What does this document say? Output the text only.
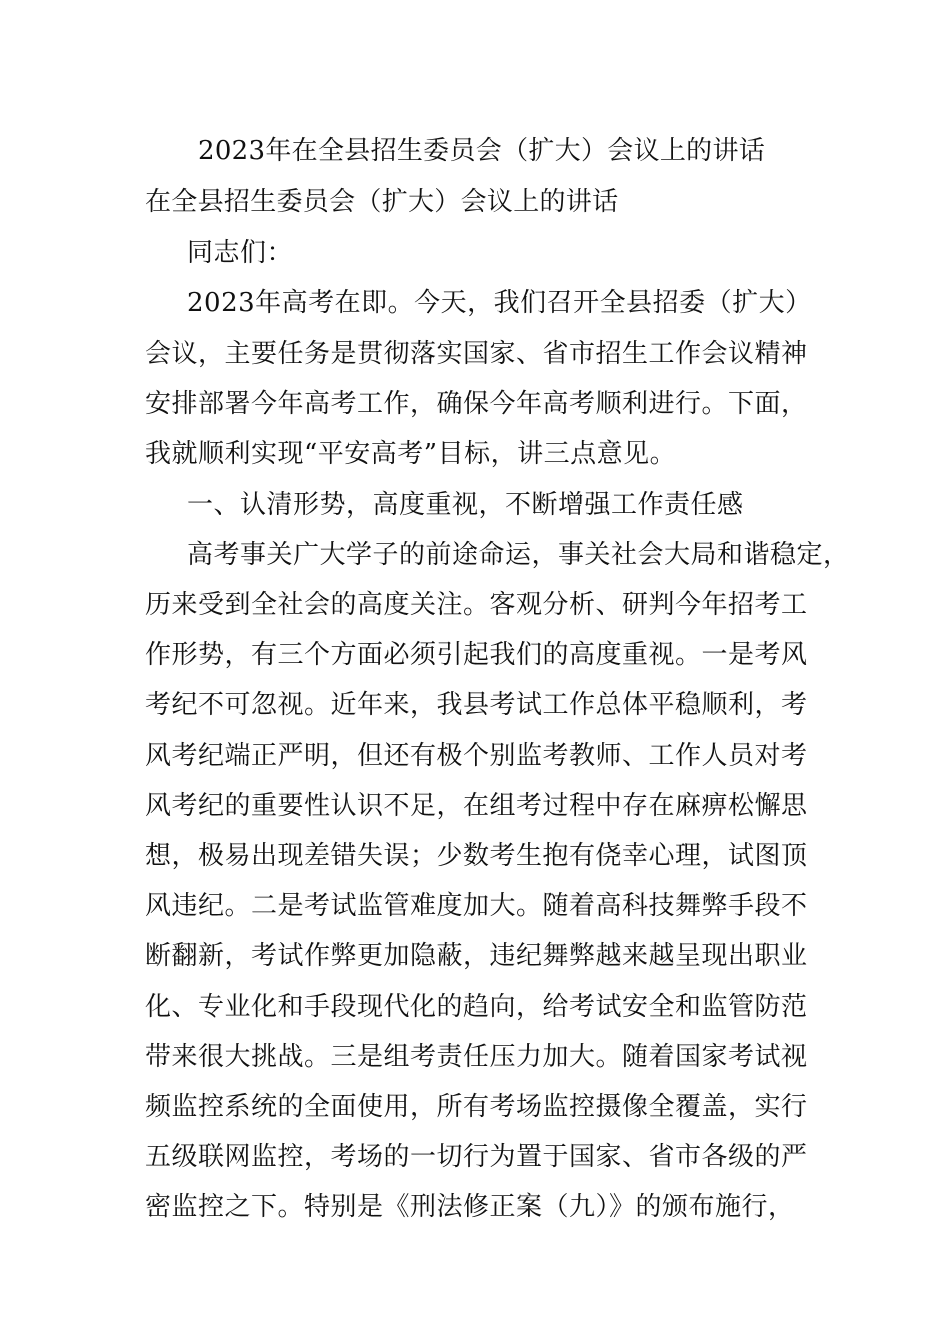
2023年在全县招生委员会（扩大）会议上的讲话
在全县招生委员会（扩大）会议上的讲话
同志们：
2023年高考在即。今天，我们召开全县招委（扩大）
会议，主要任务是贯彻落实国家、省市招生工作会议精神
安排部署今年高考工作，确保今年高考顺利进行。下面，
我就顺利实现“平安高考”目标，讲三点意见。
一、认清形势，高度重视，不断增强工作责任感
高考事关广大学子的前途命运，事关社会大局和谐稳定，
历来受到全社会的高度关注。客观分析、研判今年招考工
作形势，有三个方面必须引起我们的高度重视。一是考风
考纪不可忽视。近年来，我县考试工作总体平稳顺利，考
风考纪端正严明，但还有极个别监考教师、工作人员对考
风考纪的重要性认识不足，在组考过程中存在麻痹松懈思
想，极易出现差错失误；少数考生抱有侥幸心理，试图顶
风违纪。二是考试监管难度加大。随着高科技舞弊手段不
断翻新，考试作弊更加隐蔽，违纪舞弊越来越呈现出职业
化、专业化和手段现代化的趋向，给考试安全和监管防范
带来很大挑战。三是组考责任压力加大。随着国家考试视
频监控系统的全面使用，所有考场监控摄像全覆盖，实行
五级联网监控，考场的一切行为置于国家、省市各级的严
密监控之下。特别是《刑法修正案（九）》的颁布施行，
